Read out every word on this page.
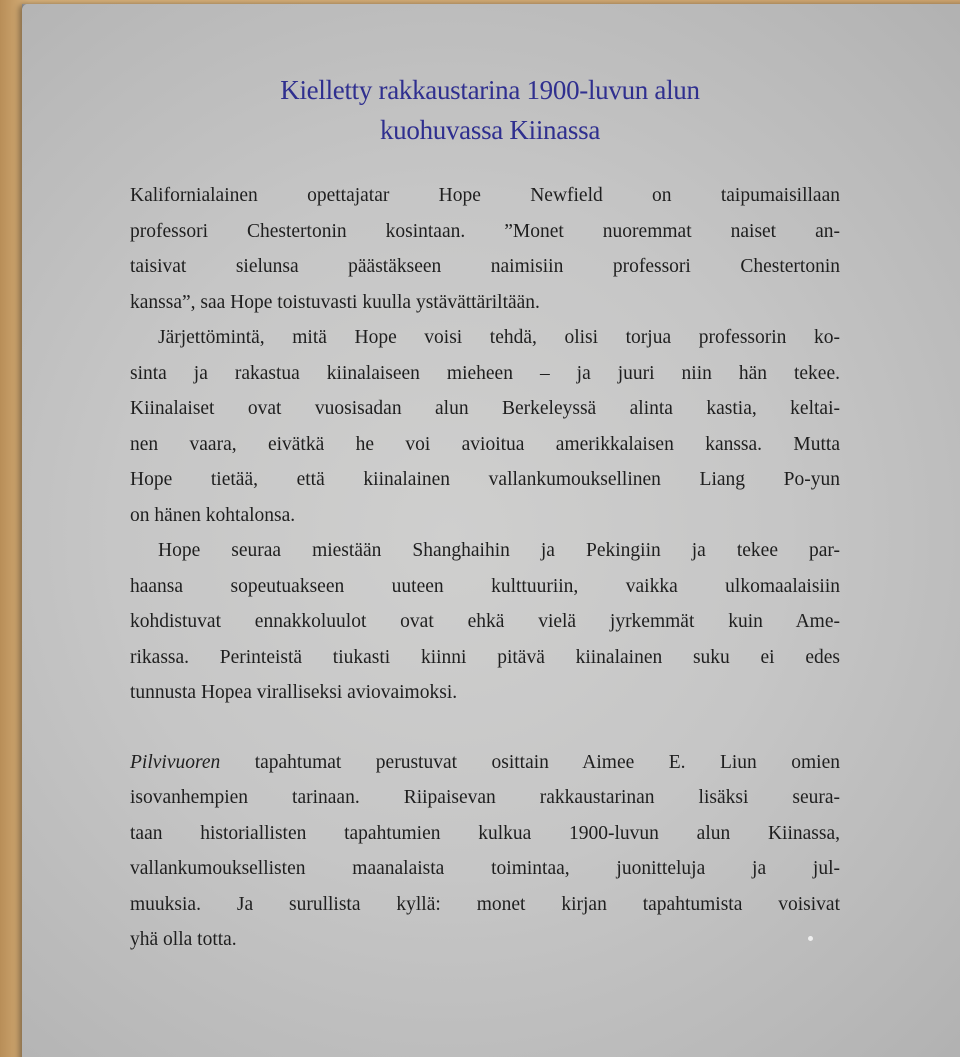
Kielletty rakkaustarina 1900-luvun alun
kuohuvassa Kiinassa
Kalifornialainen opettajatar Hope Newfield on taipumaisillaan
professori Chestertonin kosintaan. ”Monet nuoremmat naiset an-
taisivat sielunsa päästäkseen naimisiin professori Chestertonin
kanssa”, saa Hope toistuvasti kuulla ystävättäriltään.
Järjettömintä, mitä Hope voisi tehdä, olisi torjua professorin ko-
sinta ja rakastua kiinalaiseen mieheen – ja juuri niin hän tekee.
Kiinalaiset ovat vuosisadan alun Berkeleyssä alinta kastia, keltai-
nen vaara, eivätkä he voi avioitua amerikkalaisen kanssa. Mutta
Hope tietää, että kiinalainen vallankumouksellinen Liang Po-yun
on hänen kohtalonsa.
Hope seuraa miestään Shanghaihin ja Pekingiin ja tekee par-
haansa sopeutuakseen uuteen kulttuuriin, vaikka ulkomaalaisiin
kohdistuvat ennakkoluulot ovat ehkä vielä jyrkemmät kuin Ame-
rikassa. Perinteistä tiukasti kiinni pitävä kiinalainen suku ei edes
tunnusta Hopea viralliseksi aviovaimoksi.
Pilvivuoren tapahtumat perustuvat osittain Aimee E. Liun omien
isovanhempien tarinaan. Riipaisevan rakkaustarinan lisäksi seura-
taan historiallisten tapahtumien kulkua 1900-luvun alun Kiinassa,
vallankumouksellisten maanalaista toimintaa, juonitteluja ja jul-
muuksia. Ja surullista kyllä: monet kirjan tapahtumista voisivat
yhä olla totta.
